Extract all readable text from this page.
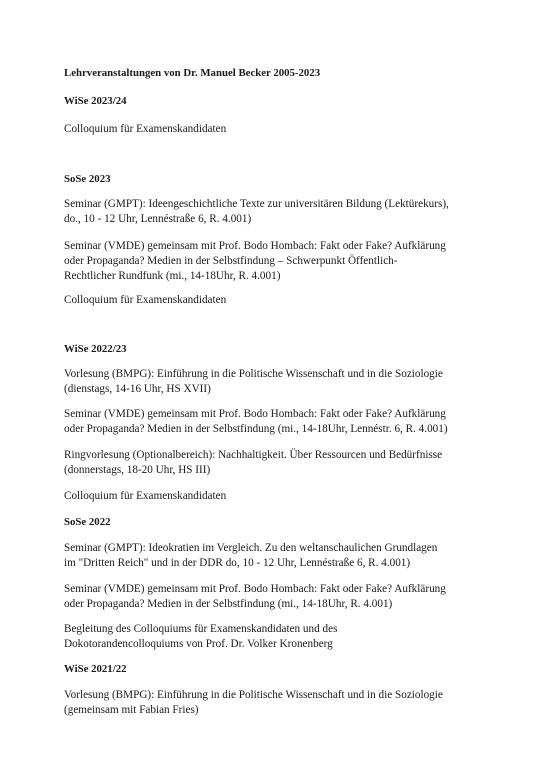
Lehrveranstaltungen von Dr. Manuel Becker 2005-2023
WiSe 2023/24
Colloquium für Examenskandidaten
SoSe 2023
Seminar (GMPT): Ideengeschichtliche Texte zur universitären Bildung (Lektürekurs),
do., 10 - 12 Uhr, Lennéstraße 6, R. 4.001)
Seminar (VMDE) gemeinsam mit Prof. Bodo Hombach: Fakt oder Fake? Aufklärung
oder Propaganda? Medien in der Selbstfindung – Schwerpunkt Öffentlich-
Rechtlicher Rundfunk (mi., 14-18Uhr, R. 4.001)
Colloquium für Examenskandidaten
WiSe 2022/23
Vorlesung (BMPG): Einführung in die Politische Wissenschaft und in die Soziologie
(dienstags, 14-16 Uhr, HS XVII)
Seminar (VMDE) gemeinsam mit Prof. Bodo Hombach: Fakt oder Fake? Aufklärung
oder Propaganda? Medien in der Selbstfindung (mi., 14-18Uhr, Lennéstr. 6, R. 4.001)
Ringvorlesung (Optionalbereich): Nachhaltigkeit. Über Ressourcen und Bedürfnisse
(donnerstags, 18-20 Uhr, HS III)
Colloquium für Examenskandidaten
SoSe 2022
Seminar (GMPT): Ideokratien im Vergleich. Zu den weltanschaulichen Grundlagen
im "Dritten Reich" und in der DDR do, 10 - 12 Uhr, Lennéstraße 6, R. 4.001)
Seminar (VMDE) gemeinsam mit Prof. Bodo Hombach: Fakt oder Fake? Aufklärung
oder Propaganda? Medien in der Selbstfindung (mi., 14-18Uhr, R. 4.001)
Begleitung des Colloquiums für Examenskandidaten und des
Dokotorandencolloquiums von Prof. Dr. Volker Kronenberg
WiSe 2021/22
Vorlesung (BMPG): Einführung in die Politische Wissenschaft und in die Soziologie
(gemeinsam mit Fabian Fries)
